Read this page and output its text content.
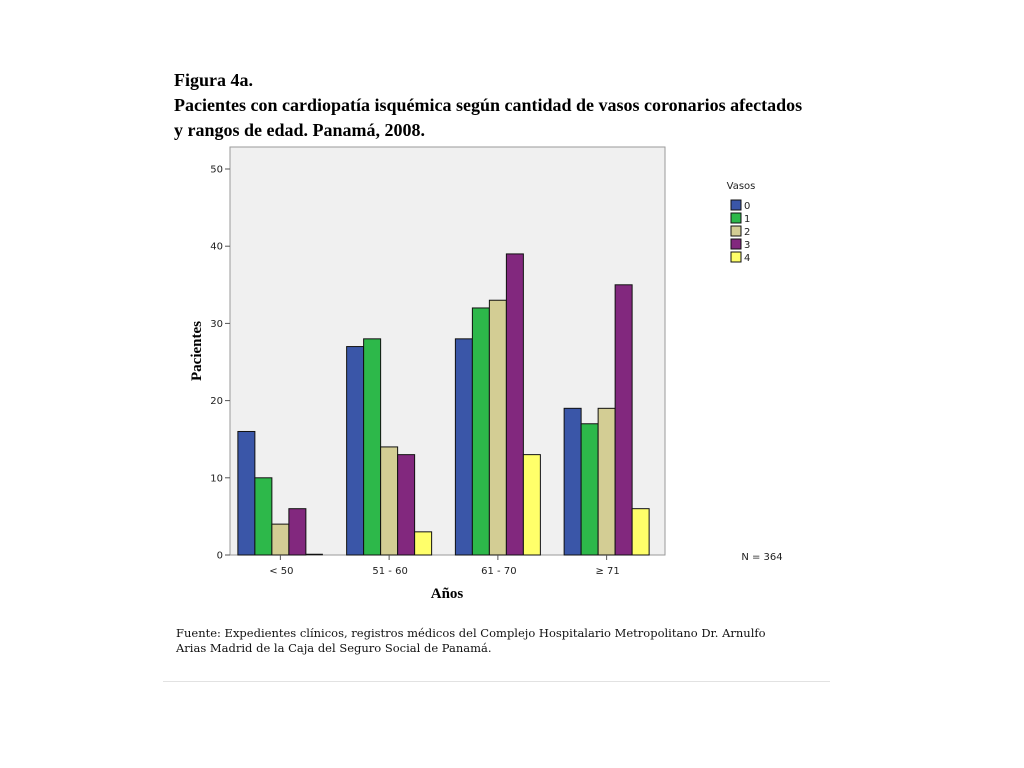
Figura 4a.
Pacientes con cardiopatía isquémica según cantidad de vasos coronarios afectados y rangos de edad. Panamá, 2008.
0
10
20
30
40
50
< 50	51 - 60	61 - 70	≥ 71
Pacientes
Años
Vasos
0
1
2
3
4
N = 364
Fuente: Expedientes clínicos, registros médicos del Complejo Hospitalario Metropolitano Dr. Arnulfo Arias Madrid de la Caja del Seguro Social de Panamá.
